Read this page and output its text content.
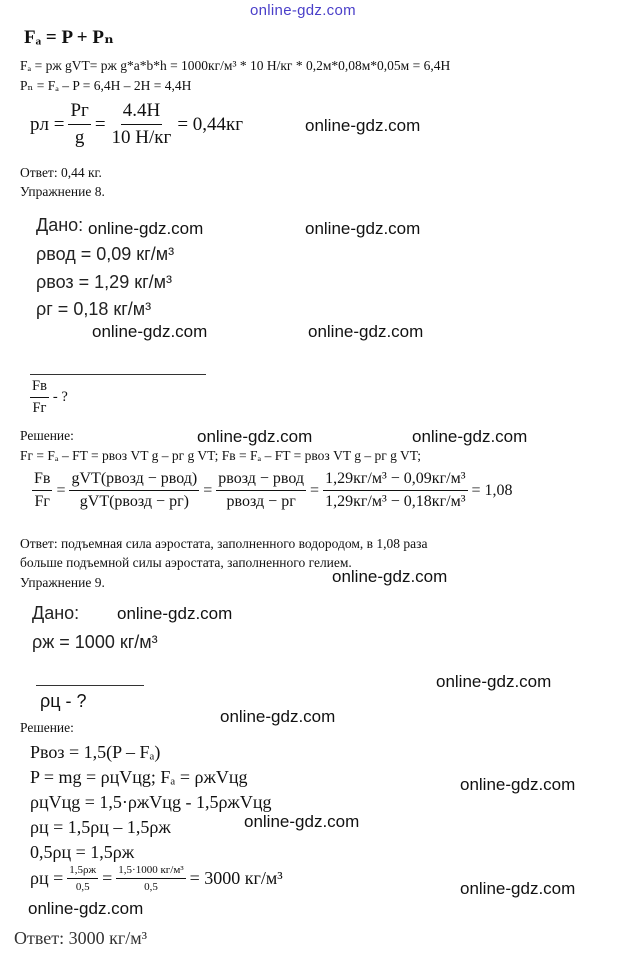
online-gdz.com
Fₐ = P + Pₙ
Fₐ = pж gVT= pж g*a*b*h = 1000кг/м³ * 10 Н/кг * 0,2м*0,08м*0,05м = 6,4Н
Pₙ = Fₐ – P = 6,4Н – 2Н = 4,4Н
pл =
Pг
g
=
4.4Н
10 Н/кг
= 0,44кг	online-gdz.com
Ответ: 0,44 кг.
Упражнение 8.
Дано: online-gdz.com	online-gdz.com
ρвод = 0,09 кг/м³
ρвоз = 1,29 кг/м³
ρг = 0,18 кг/м³
online-gdz.com	online-gdz.com
Fв
Fг
- ?
Решение:	online-gdz.com	online-gdz.com
Fг = Fₐ – FT = pвоз VT g – pг g VT; Fв = Fₐ – FT = pвоз VT g – pг g VT;
Fв
Fг
=
gVT(pвозд − pвод)
gVT(pвозд − pг)
=
pвозд − pвод
pвозд − pг
=
1,29кг/м³ − 0,09кг/м³
1,29кг/м³ − 0,18кг/м³
= 1,08
Ответ: подъемная сила аэростата, заполненного водородом, в 1,08 раза
больше подъемной силы аэростата, заполненного гелием.
online-gdz.com
Упражнение 9.
Дано: online-gdz.com
ρж = 1000 кг/м³
online-gdz.com
ρц - ?
Решение:
online-gdz.com
Pвоз = 1,5(P – Fₐ)
P = mg = ρцVцg; Fₐ = ρжVцg	online-gdz.com
ρцVцg = 1,5·ρжVцg - 1,5ρжVцg
ρц = 1,5ρц – 1,5ρж	online-gdz.com
0,5ρц = 1,5ρж
ρц = 1,5ρж
0,5 = 1,5·1000 кг/м³
0,5 = 3000 кг/м³
online-gdz.com
online-gdz.com
Ответ: 3000 кг/м³
